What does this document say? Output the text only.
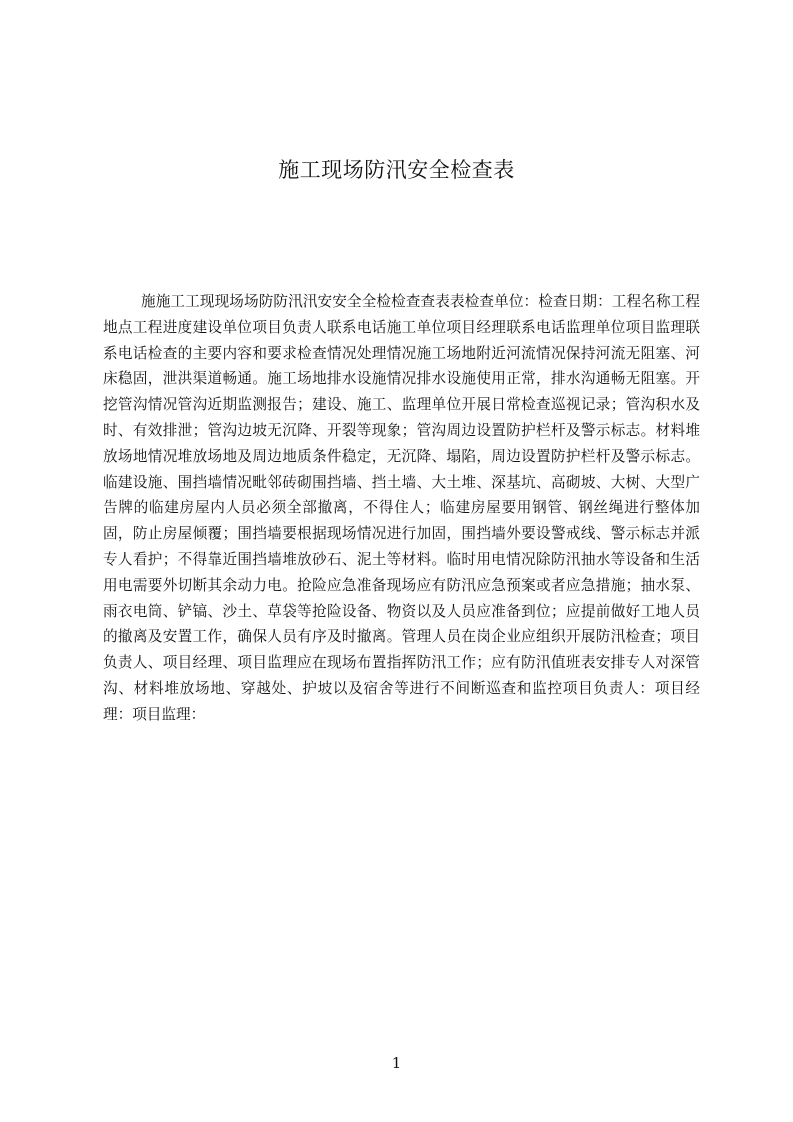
施工现场防汛安全检查表

施施工工现现场场防防汛汛安安全全检检查查表表检查单位：检查日期：工程名称工程地点工程进度建设单位项目负责人联系电话施工单位项目经理联系电话监理单位项目监理联系电话检查的主要内容和要求检查情况处理情况施工场地附近河流情况保持河流无阻塞、河床稳固，泄洪渠道畅通。施工场地排水设施情况排水设施使用正常，排水沟通畅无阻塞。开挖管沟情况管沟近期监测报告；建设、施工、监理单位开展日常检查巡视记录；管沟积水及时、有效排泄；管沟边坡无沉降、开裂等现象；管沟周边设置防护栏杆及警示标志。材料堆放场地情况堆放场地及周边地质条件稳定，无沉降、塌陷，周边设置防护栏杆及警示标志。临建设施、围挡墙情况毗邻砖砌围挡墙、挡土墙、大土堆、深基坑、高砌坡、大树、大型广告牌的临建房屋内人员必须全部撤离，不得住人；临建房屋要用钢管、钢丝绳进行整体加固，防止房屋倾覆；围挡墙要根据现场情况进行加固，围挡墙外要设警戒线、警示标志并派专人看护；不得靠近围挡墙堆放砂石、泥土等材料。临时用电情况除防汛抽水等设备和生活用电需要外切断其余动力电。抢险应急准备现场应有防汛应急预案或者应急措施；抽水泵、雨衣电筒、铲镐、沙土、草袋等抢险设备、物资以及人员应准备到位；应提前做好工地人员的撤离及安置工作，确保人员有序及时撤离。管理人员在岗企业应组织开展防汛检查；项目负责人、项目经理、项目监理应在现场布置指挥防汛工作；应有防汛值班表安排专人对深管沟、材料堆放场地、穿越处、护坡以及宿舍等进行不间断巡查和监控项目负责人：项目经理：项目监理：

1
